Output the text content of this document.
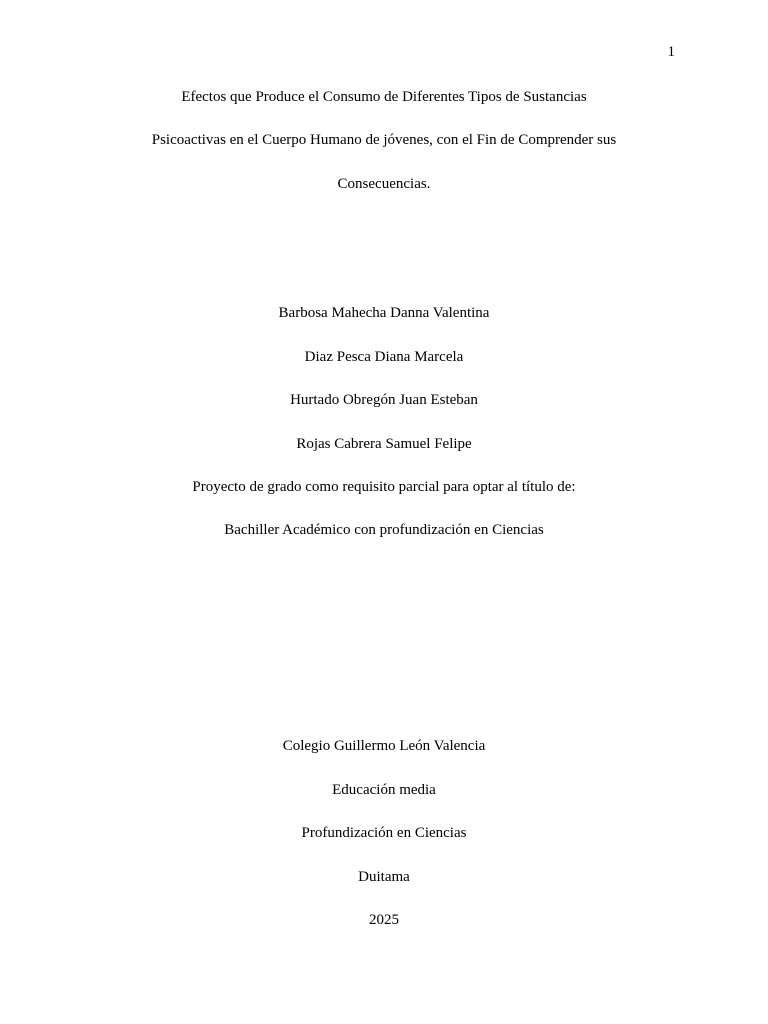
1
Efectos que Produce el Consumo de Diferentes Tipos de Sustancias
Psicoactivas en el Cuerpo Humano de jóvenes, con el Fin de Comprender sus
Consecuencias.
Barbosa Mahecha Danna Valentina
Diaz Pesca Diana Marcela
Hurtado Obregón Juan Esteban
Rojas Cabrera Samuel Felipe
Proyecto de grado como requisito parcial para optar al título de:
Bachiller Académico con profundización en Ciencias
Colegio Guillermo León Valencia
Educación media
Profundización en Ciencias
Duitama
2025
